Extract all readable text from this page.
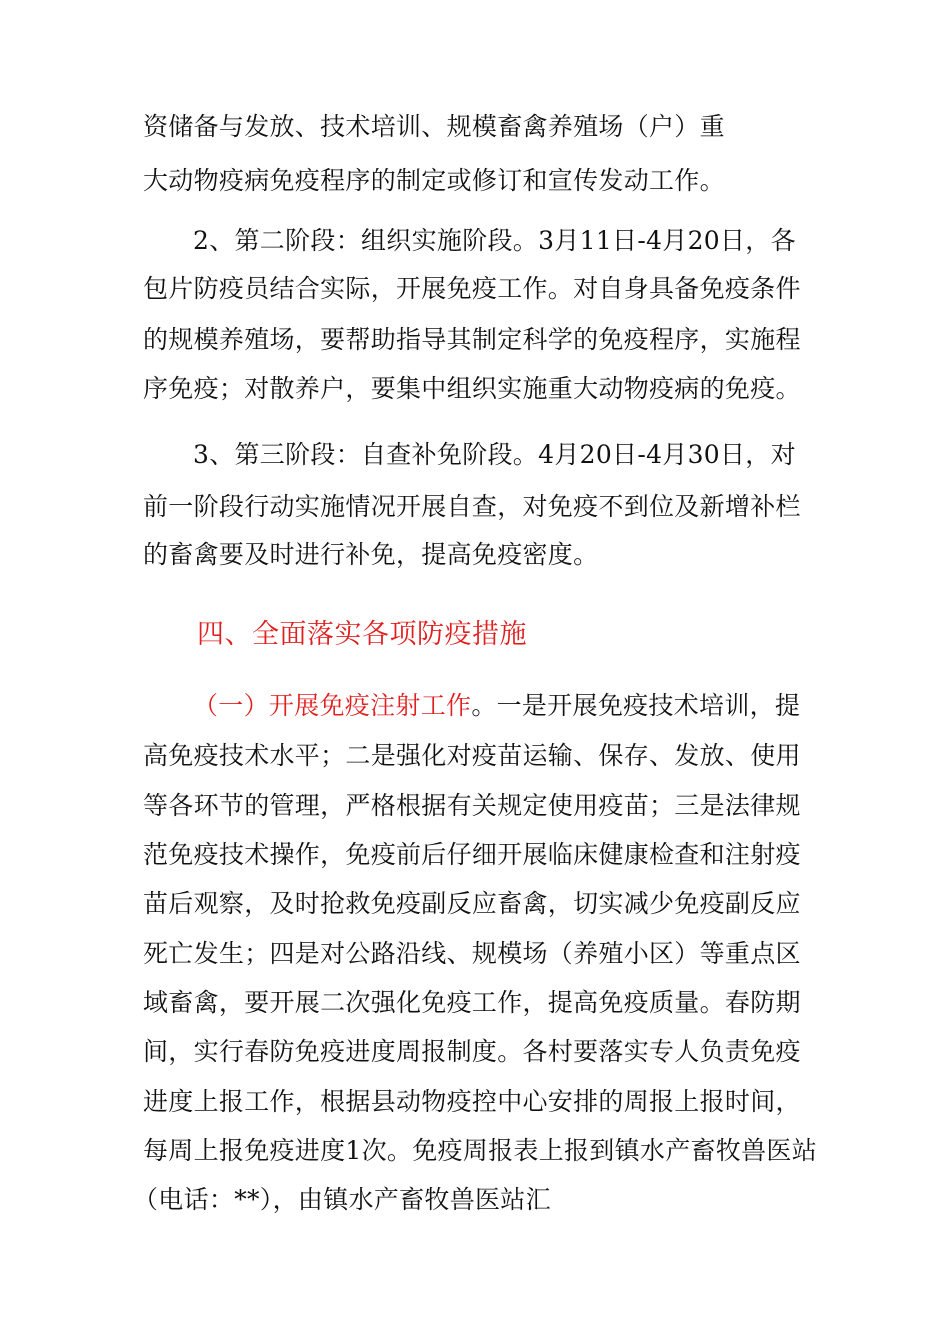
资储备与发放、技术培训、规模畜禽养殖场（户）重

大动物疫病免疫程序的制定或修订和宣传发动工作。

2、第二阶段：组织实施阶段。3月11日-4月20日，各

包片防疫员结合实际，开展免疫工作。对自身具备免疫条件

的规模养殖场，要帮助指导其制定科学的免疫程序，实施程

序免疫；对散养户，要集中组织实施重大动物疫病的免疫。

3、第三阶段：自查补免阶段。4月20日-4月30日，对

前一阶段行动实施情况开展自查，对免疫不到位及新增补栏

的畜禽要及时进行补免，提高免疫密度。

四、全面落实各项防疫措施

（一）开展免疫注射工作。一是开展免疫技术培训，提

高免疫技术水平；二是强化对疫苗运输、保存、发放、使用

等各环节的管理，严格根据有关规定使用疫苗；三是法律规

范免疫技术操作，免疫前后仔细开展临床健康检查和注射疫

苗后观察，及时抢救免疫副反应畜禽，切实减少免疫副反应

死亡发生；四是对公路沿线、规模场（养殖小区）等重点区

域畜禽，要开展二次强化免疫工作，提高免疫质量。春防期

间，实行春防免疫进度周报制度。各村要落实专人负责免疫

进度上报工作，根据县动物疫控中心安排的周报上报时间，

每周上报免疫进度1次。免疫周报表上报到镇水产畜牧兽医站

（电话：**），由镇水产畜牧兽医站汇
